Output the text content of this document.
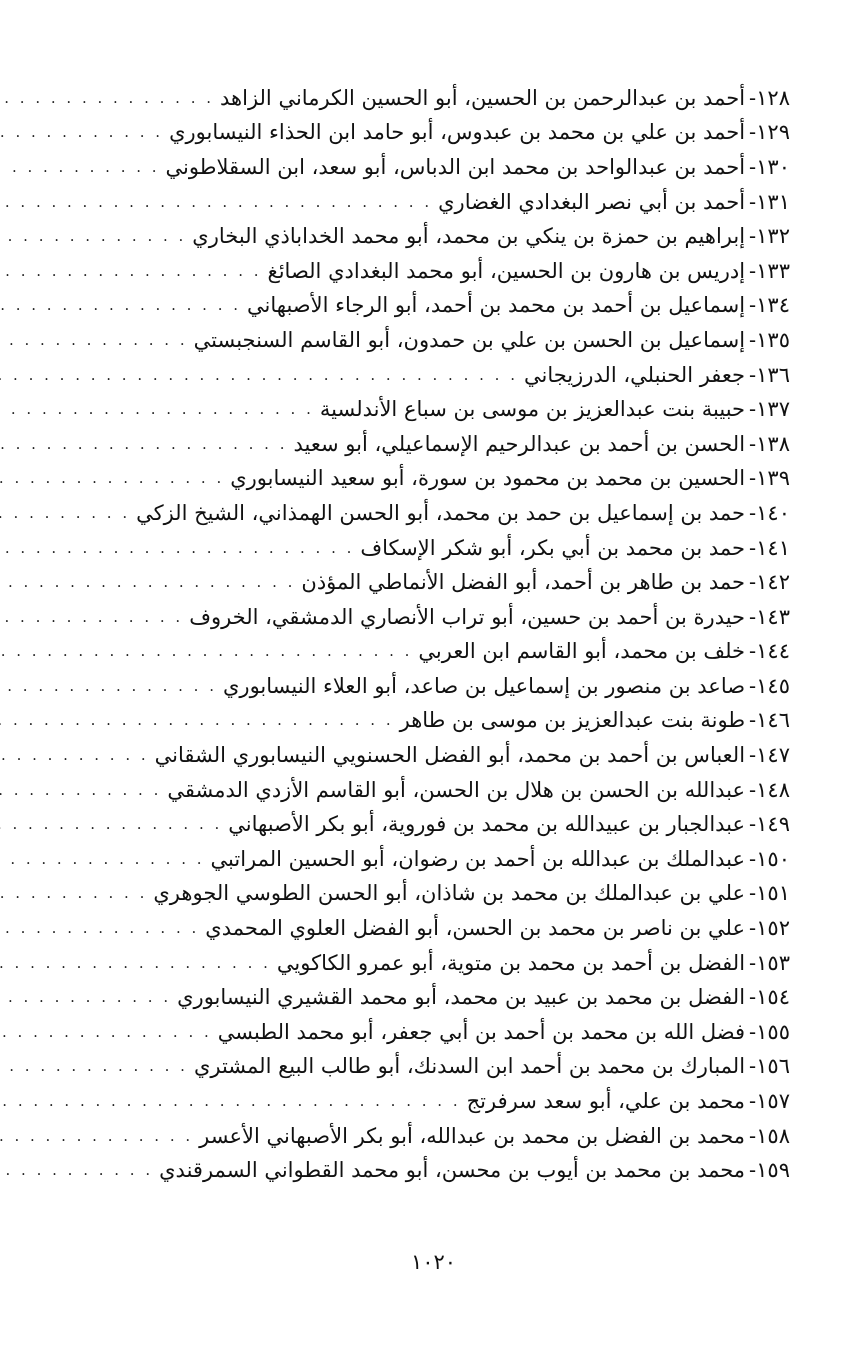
١٢٨-
أحمد بن عبدالرحمن بن الحسين، أبو الحسين الكرماني الزاهد
. . .
١٢٩-
أحمد بن علي بن محمد بن عبدوس، أبو حامد ابن الحذاء النيسابوري
. . .
١٣٠-
أحمد بن عبدالواحد بن محمد ابن الدباس، أبو سعد، ابن السقلاطوني
. . .
١٣١-
أحمد بن أبي نصر البغدادي الغضاري
. . .
١٣٢-
إبراهيم بن حمزة بن ينكي بن محمد، أبو محمد الخداباذي البخاري
. . .
١٣٣-
إدريس بن هارون بن الحسين، أبو محمد البغدادي الصائغ
. . .
١٣٤-
إسماعيل بن أحمد بن محمد بن أحمد، أبو الرجاء الأصبهاني
. . .
١٣٥-
إسماعيل بن الحسن بن علي بن حمدون، أبو القاسم السنجبستي
. . .
١٣٦-
جعفر الحنبلي، الدرزيجاني
. . .
١٣٧-
حبيبة بنت عبدالعزيز بن موسى بن سباع الأندلسية
. . .
١٣٨-
الحسن بن أحمد بن عبدالرحيم الإسماعيلي، أبو سعيد
. . .
١٣٩-
الحسين بن محمد بن محمود بن سورة، أبو سعيد النيسابوري
. . .
١٤٠-
حمد بن إسماعيل بن حمد بن محمد، أبو الحسن الهمذاني، الشيخ الزكي
. . .
١٤١-
حمد بن محمد بن أبي بكر، أبو شكر الإسكاف
. . .
١٤٢-
حمد بن طاهر بن أحمد، أبو الفضل الأنماطي المؤذن
. . .
١٤٣-
حيدرة بن أحمد بن حسين، أبو تراب الأنصاري الدمشقي، الخروف
. . .
١٤٤-
خلف بن محمد، أبو القاسم ابن العربي
. . .
١٤٥-
صاعد بن منصور بن إسماعيل بن صاعد، أبو العلاء النيسابوري
. . .
١٤٦-
طونة بنت عبدالعزيز بن موسى بن طاهر
. . .
١٤٧-
العباس بن أحمد بن محمد، أبو الفضل الحسنويي النيسابوري الشقاني
. . .
١٤٨-
عبدالله بن الحسن بن هلال بن الحسن، أبو القاسم الأزدي الدمشقي
. . .
١٤٩-
عبدالجبار بن عبيدالله بن محمد بن فوروية، أبو بكر الأصبهاني
. . .
١٥٠-
عبدالملك بن عبدالله بن أحمد بن رضوان، أبو الحسين المراتبي
. . .
١٥١-
علي بن عبدالملك بن محمد بن شاذان، أبو الحسن الطوسي الجوهري
. . .
١٥٢-
علي بن ناصر بن محمد بن الحسن، أبو الفضل العلوي المحمدي
. . .
١٥٣-
الفضل بن أحمد بن محمد بن متوية، أبو عمرو الكاكويي
. . .
١٥٤-
الفضل بن محمد بن عبيد بن محمد، أبو محمد القشيري النيسابوري
. . .
١٥٥-
فضل الله بن محمد بن أحمد بن أبي جعفر، أبو محمد الطبسي
. . .
١٥٦-
المبارك بن محمد بن أحمد ابن السدنك، أبو طالب البيع المشتري
. . .
١٥٧-
محمد بن علي، أبو سعد سرفرتج
. . .
١٥٨-
محمد بن الفضل بن محمد بن عبدالله، أبو بكر الأصبهاني الأعسر
. . .
١٥٩-
محمد بن محمد بن أيوب بن محسن، أبو محمد القطواني السمرقندي
. . .
١٠٢٠
